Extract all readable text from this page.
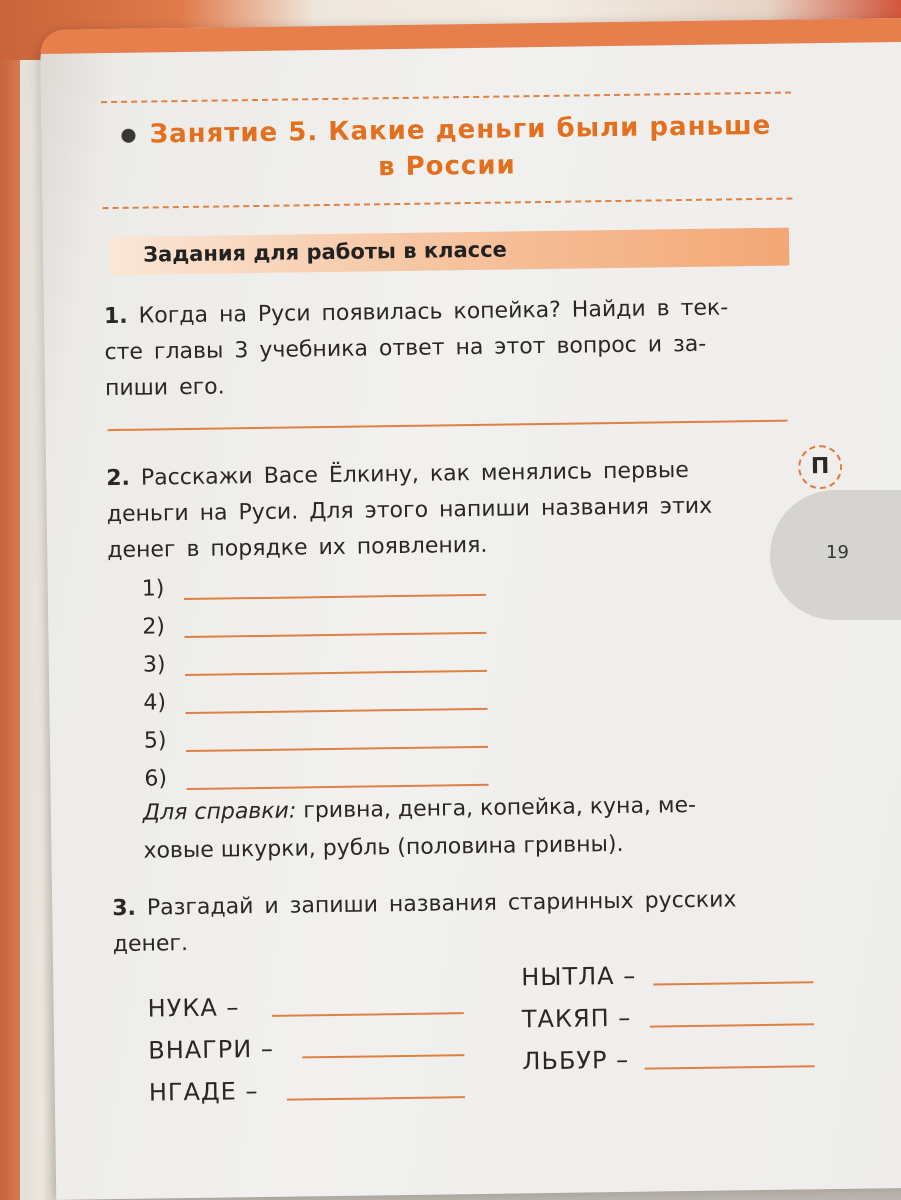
Занятие 5. Какие деньги были раньше
в России
Задания для работы в классе
1. Когда на Руси появилась копейка? Найди в тек-
сте главы 3 учебника ответ на этот вопрос и за-
пиши его.
2. Расскажи Васе Ёлкину, как менялись первые
деньги на Руси. Для этого напиши названия этих
денег в порядке их появления.
П
1)
2)
3)
4)
5)
6)
Для справки: гривна, денга, копейка, куна, ме-
ховые шкурки, рубль (половина гривны).
3. Разгадай и запиши названия старинных русских
денег.
НУКА –
ВНАГРИ –
НГАДЕ –
НЫТЛА –
ТАКЯП –
ЛЬБУР –
19
